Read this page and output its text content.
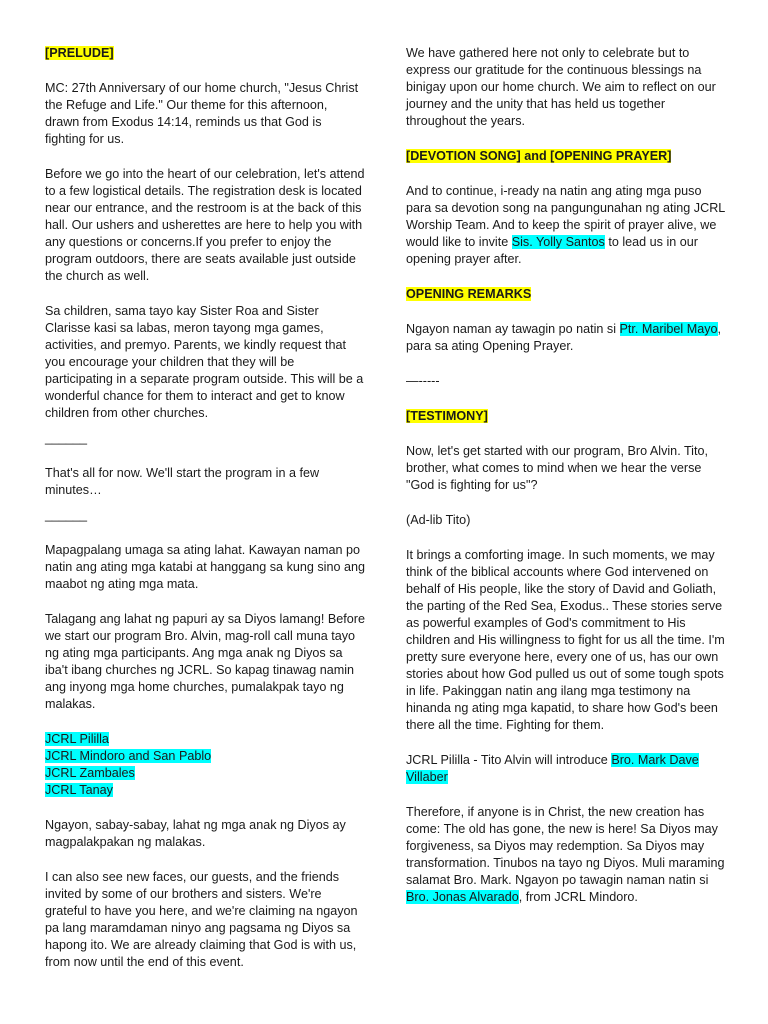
[PRELUDE]

MC: 27th Anniversary of our home church, "Jesus Christ the Refuge and Life." Our theme for this afternoon, drawn from Exodus 14:14, reminds us that God is fighting for us.

Before we go into the heart of our celebration, let's attend to a few logistical details. The registration desk is located near our entrance, and the restroom is at the back of this hall. Our ushers and usherettes are here to help you with any questions or concerns.If you prefer to enjoy the program outdoors, there are seats available just outside the church as well.

Sa children, sama tayo kay Sister Roa and Sister Clarisse kasi sa labas, meron tayong mga games, activities, and premyo. Parents, we kindly request that you encourage your children that they will be participating in a separate program outside. This will be a wonderful chance for them to interact and get to know children from other churches.

______

That's all for now. We'll start the program in a few minutes…

______

Mapagpalang umaga sa ating lahat. Kawayan naman po natin ang ating mga katabi at hanggang sa kung sino ang maabot ng ating mga mata.

Talagang ang lahat ng papuri ay sa Diyos lamang! Before we start our program Bro. Alvin, mag-roll call muna tayo ng ating mga participants. Ang mga anak ng Diyos sa iba't ibang churches ng JCRL. So kapag tinawag namin ang inyong mga home churches, pumalakpak tayo ng malakas.

JCRL Pililla
JCRL Mindoro and San Pablo
JCRL Zambales
JCRL Tanay

Ngayon, sabay-sabay, lahat ng mga anak ng Diyos ay magpalakpakan ng malakas.

I can also see new faces, our guests, and the friends invited by some of our brothers and sisters. We're grateful to have you here, and we're claiming na ngayon pa lang maramdaman ninyo ang pagsama ng Diyos sa hapong ito. We are already claiming that God is with us, from now until the end of this event.

We have gathered here not only to celebrate but to express our gratitude for the continuous blessings na binigay upon our home church. We aim to reflect on our journey and the unity that has held us together throughout the years.

[DEVOTION SONG] and [OPENING PRAYER]

And to continue, i-ready na natin ang ating mga puso para sa devotion song na pangungunahan ng ating JCRL Worship Team. And to keep the spirit of prayer alive, we would like to invite Sis. Yolly Santos to lead us in our opening prayer after.

OPENING REMARKS

Ngayon naman ay tawagin po natin si Ptr. Maribel Mayo, para sa ating Opening Prayer.

—-----

[TESTIMONY]

Now, let's get started with our program, Bro Alvin. Tito, brother, what comes to mind when we hear the verse "God is fighting for us"?

(Ad-lib Tito)

It brings a comforting image. In such moments, we may think of the biblical accounts where God intervened on behalf of His people, like the story of David and Goliath, the parting of the Red Sea, Exodus.. These stories serve as powerful examples of God's commitment to His children and His willingness to fight for us all the time. I'm pretty sure everyone here, every one of us, has our own stories about how God pulled us out of some tough spots in life. Pakinggan natin ang ilang mga testimony na hinanda ng ating mga kapatid, to share how God's been there all the time. Fighting for them.

JCRL Pililla - Tito Alvin will introduce Bro. Mark Dave Villaber

Therefore, if anyone is in Christ, the new creation has come: The old has gone, the new is here! Sa Diyos may forgiveness, sa Diyos may redemption. Sa Diyos may transformation. Tinubos na tayo ng Diyos. Muli maraming salamat Bro. Mark. Ngayon po tawagin naman natin si Bro. Jonas Alvarado, from JCRL Mindoro.
